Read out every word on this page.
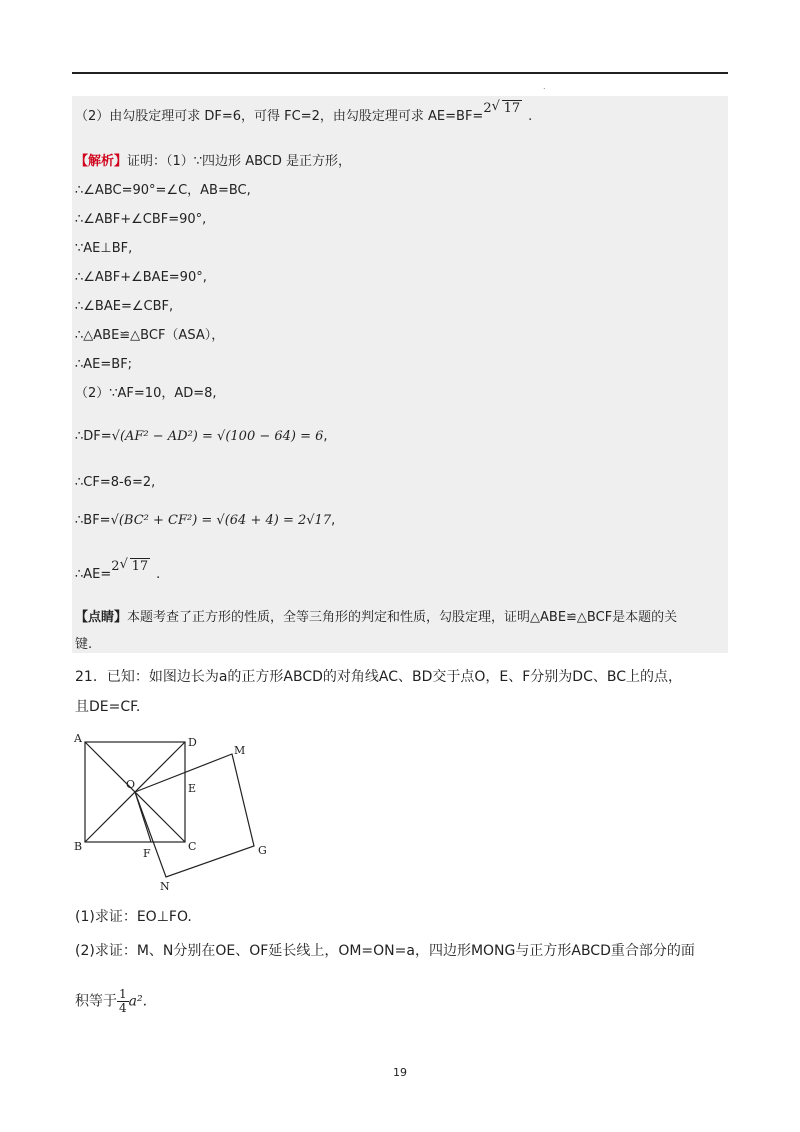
.
（2）由勾股定理可求 DF=6，可得 FC=2，由勾股定理可求 AE=BF=2 √ 17.
【解析】证明：（1）∵四边形 ABCD 是正方形，
∴∠ABC=90°=∠C，AB=BC,
∴∠ABF+∠CBF=90°,
∵AE⊥BF,
∴∠ABF+∠BAE=90°,
∴∠BAE=∠CBF,
∴△ABE≌△BCF（ASA），
∴AE=BF;
（2）∵AF=10，AD=8,
∴DF=√(AF² − AD²) = √(100 − 64) = 6,
∴CF=8-6=2,
∴BF=√(BC² + CF²) = √(64 + 4) = 2√17,
∴AE=2 √ 17.
【点睛】本题考查了正方形的性质，全等三角形的判定和性质，勾股定理，证明△ABE≌△BCF是本题的关
键.
21．已知：如图边长为a的正方形ABCD的对角线AC、BD交于点O，E、F分别为DC、BC上的点，
且DE=CF.
A	D
B	C
O	E
F
M
N
G
(1)求证：EO⊥FO.
(2)求证：M、N分别在OE、OF延长线上，OM=ON=a，四边形MONG与正方形ABCD重合部分的面
积等于 $\frac{1}{4} a^2$.
19
